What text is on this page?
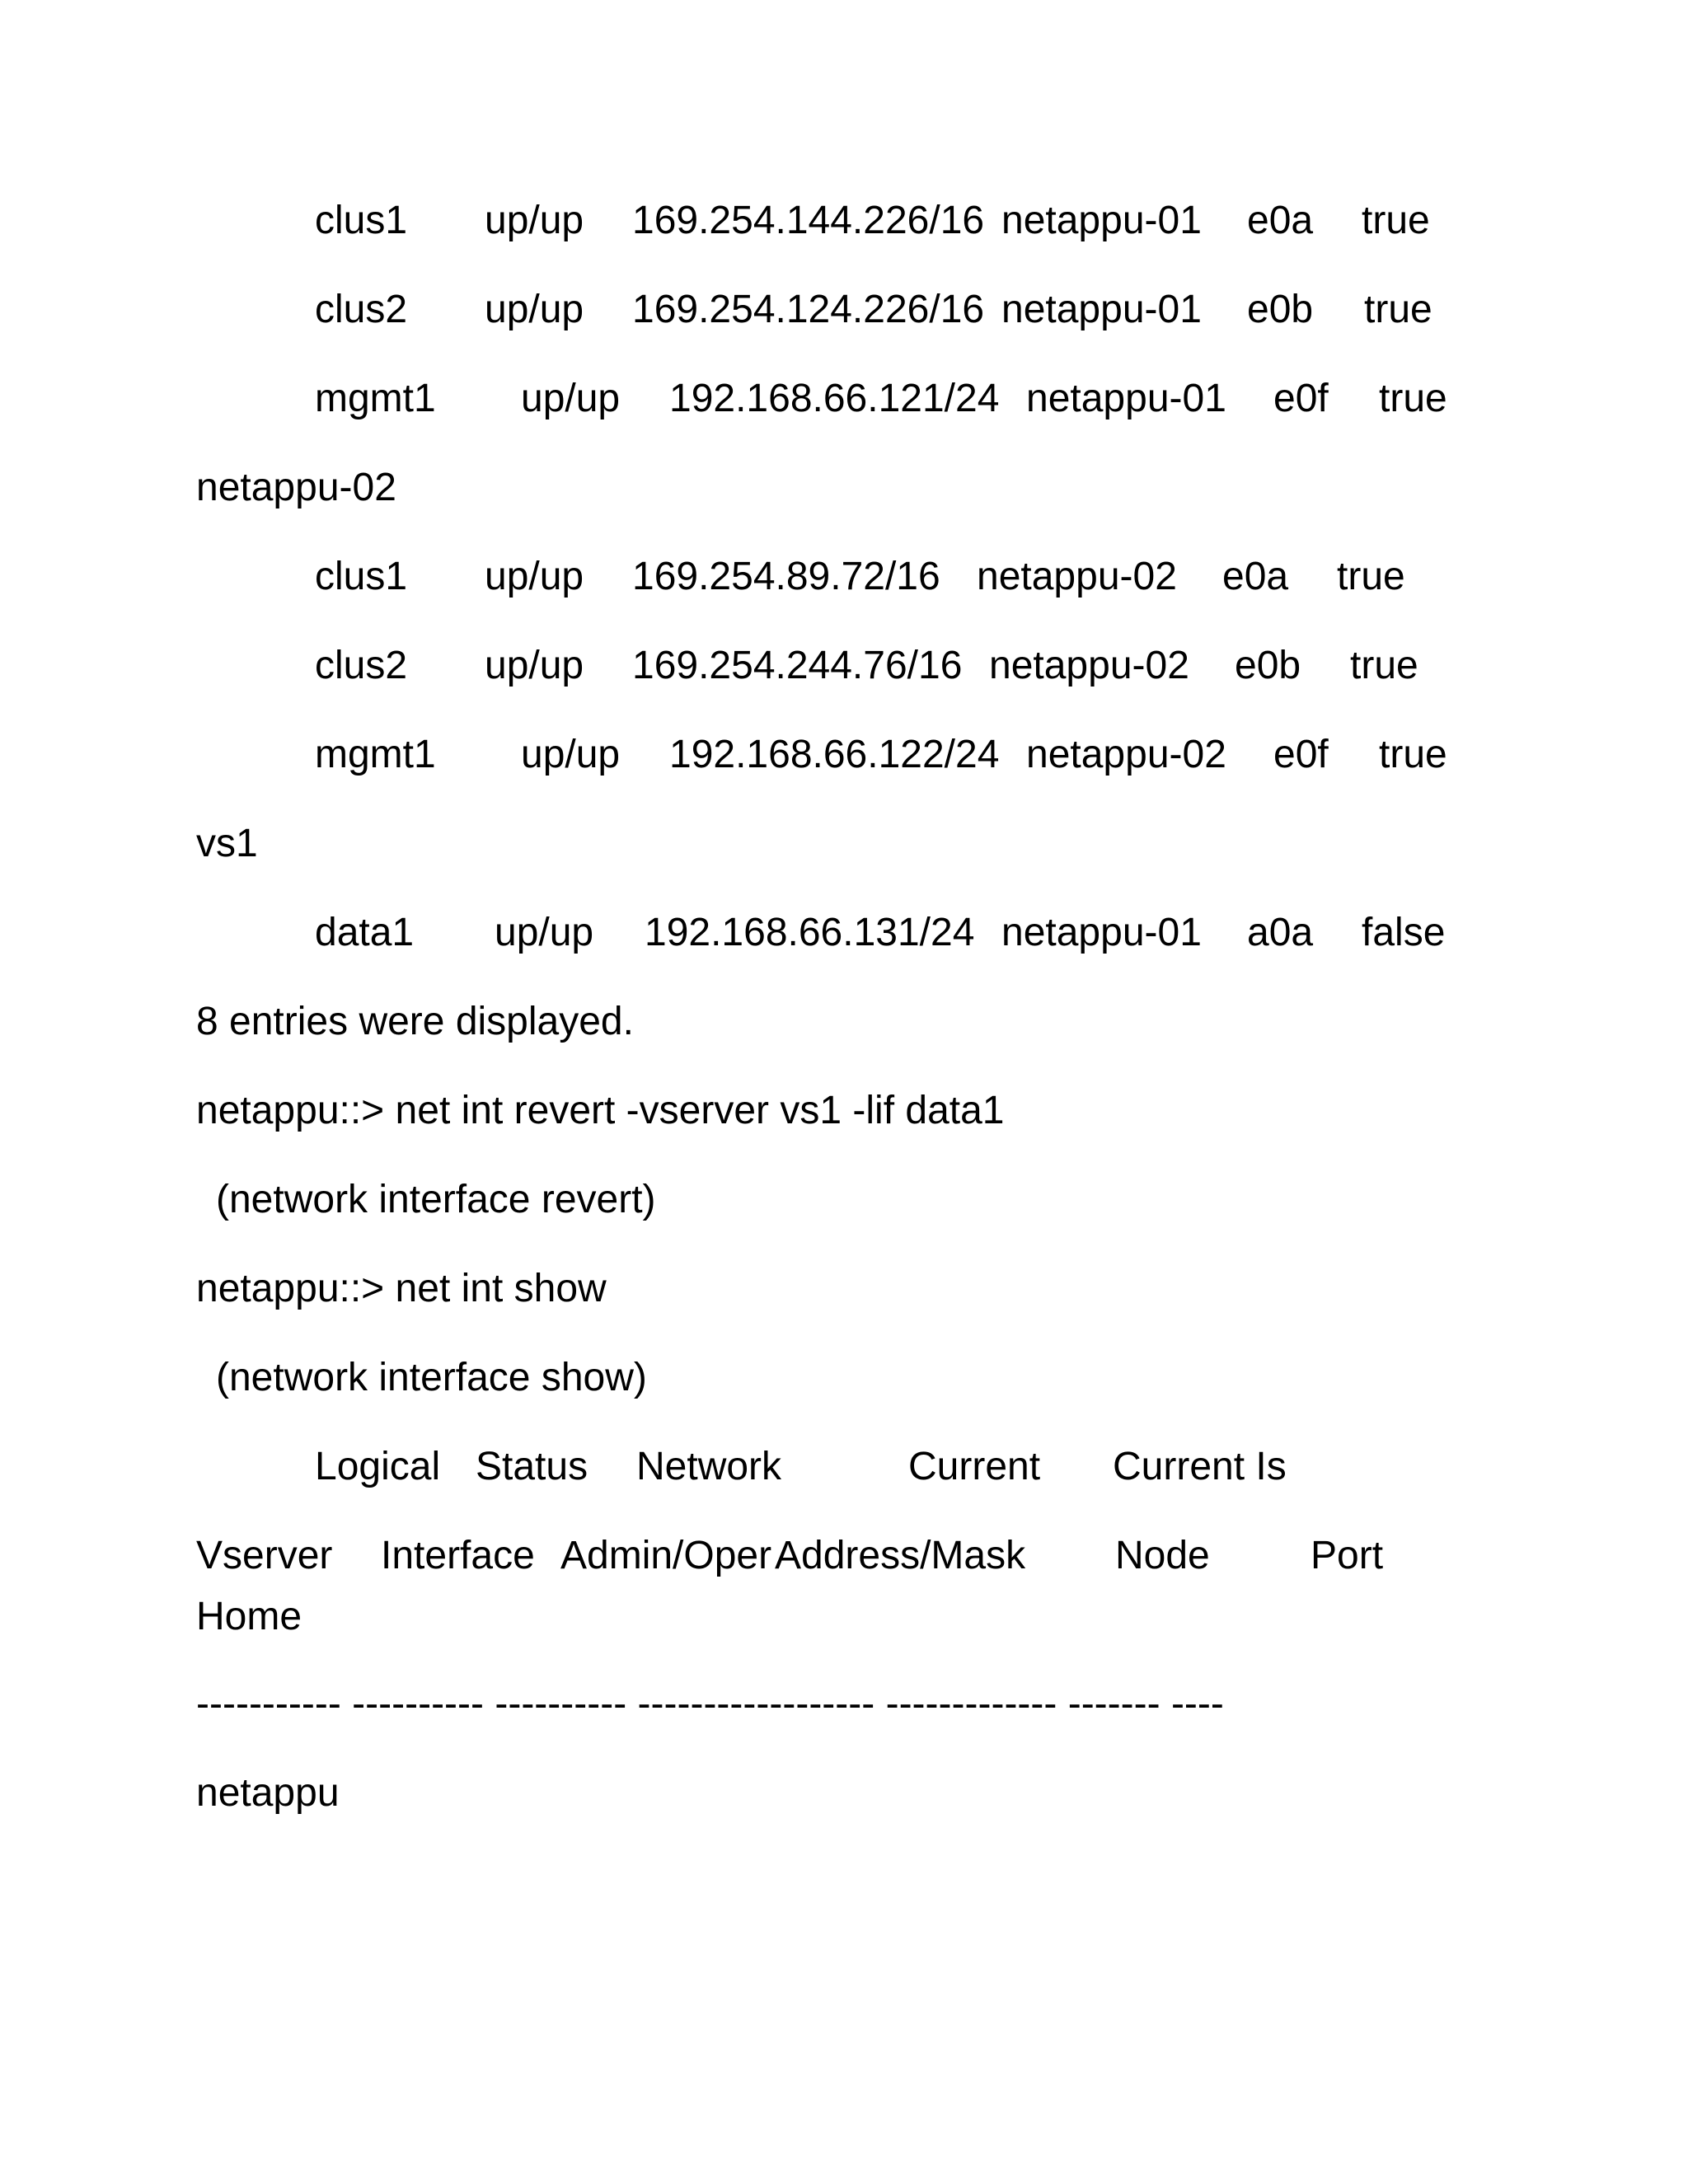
clus1 up/up 169.254.144.226/16 netappu-01 e0a true
clus2 up/up 169.254.124.226/16 netappu-01 e0b true
mgmt1 up/up 192.168.66.121/24 netappu-01 e0f true
netappu-02
clus1 up/up 169.254.89.72/16 netappu-02 e0a true
clus2 up/up 169.254.244.76/16 netappu-02 e0b true
mgmt1 up/up 192.168.66.122/24 netappu-02 e0f true
vs1
data1 up/up 192.168.66.131/24 netappu-01 a0a false
8 entries were displayed.
netappu::> net int revert -vserver vs1 -lif data1
(network interface revert)
netappu::> net int show
(network interface show)
Logical Status Network	Current Current Is
Vserver Interface Admin/Oper Address/Mask Node	Port
Home
----------- ---------- ---------- ------------------ ------------- ------- ----
netappu
